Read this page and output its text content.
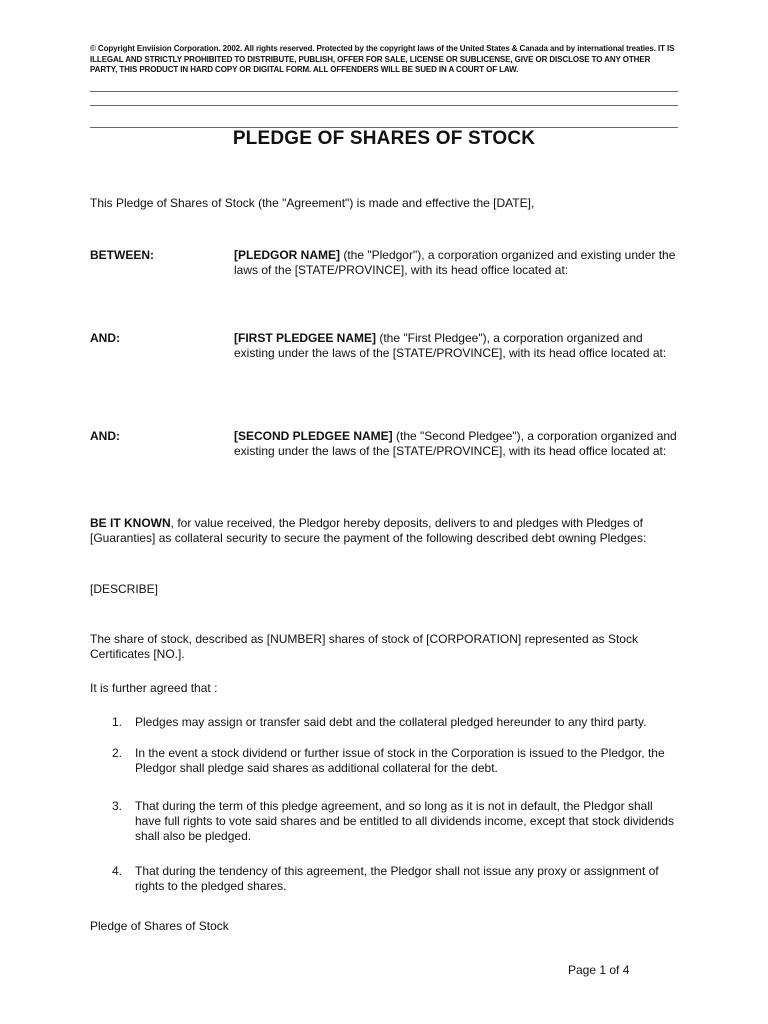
© Copyright Enviision Corporation. 2002. All rights reserved. Protected by the copyright laws of the United States & Canada and by international treaties. IT IS ILLEGAL AND STRICTLY PROHIBITED TO DISTRIBUTE, PUBLISH, OFFER FOR SALE, LICENSE OR SUBLICENSE, GIVE OR DISCLOSE TO ANY OTHER PARTY, THIS PRODUCT IN HARD COPY OR DIGITAL FORM. ALL OFFENDERS WILL BE SUED IN A COURT OF LAW.
PLEDGE OF SHARES OF STOCK
This Pledge of Shares of Stock (the "Agreement") is made and effective the [DATE],
BETWEEN:	[PLEDGOR NAME] (the "Pledgor"), a corporation organized and existing under the laws of the [STATE/PROVINCE], with its head office located at:
AND:	[FIRST PLEDGEE NAME] (the "First Pledgee"), a corporation organized and existing under the laws of the [STATE/PROVINCE], with its head office located at:
AND:	[SECOND PLEDGEE NAME] (the "Second Pledgee"), a corporation organized and existing under the laws of the [STATE/PROVINCE], with its head office located at:
BE IT KNOWN, for value received, the Pledgor hereby deposits, delivers to and pledges with Pledges of [Guaranties] as collateral security to secure the payment of the following described debt owning Pledges:
[DESCRIBE]
The share of stock, described as [NUMBER] shares of stock of [CORPORATION] represented as Stock Certificates [NO.].
It is further agreed that :
1. Pledges may assign or transfer said debt and the collateral pledged hereunder to any third party.
2. In the event a stock dividend or further issue of stock in the Corporation is issued to the Pledgor, the Pledgor shall pledge said shares as additional collateral for the debt.
3. That during the term of this pledge agreement, and so long as it is not in default, the Pledgor shall have full rights to vote said shares and be entitled to all dividends income, except that stock dividends shall also be pledged.
4. That during the tendency of this agreement, the Pledgor shall not issue any proxy or assignment of rights to the pledged shares.
Pledge of Shares of Stock
Page 1 of 4
